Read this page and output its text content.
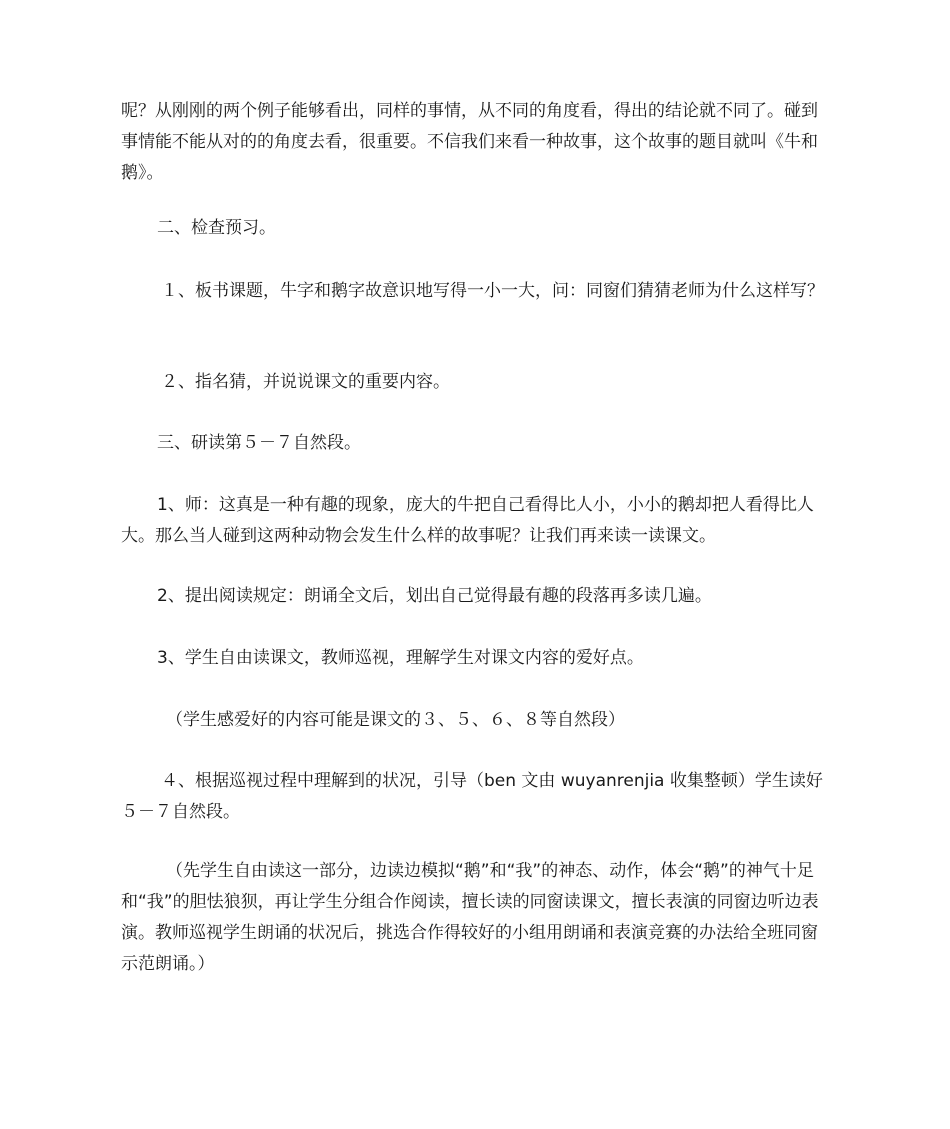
呢？从刚刚的两个例子能够看出，同样的事情，从不同的角度看，得出的结论就不同了。碰到事情能不能从对的的角度去看，很重要。不信我们来看一种故事，这个故事的题目就叫《牛和鹅》。

二、检查预习。

１、板书课题，牛字和鹅字故意识地写得一小一大，问：同窗们猜猜老师为什么这样写？

２、指名猜，并说说课文的重要内容。

三、研读第５－７自然段。

1、师：这真是一种有趣的现象，庞大的牛把自己看得比人小，小小的鹅却把人看得比人大。那么当人碰到这两种动物会发生什么样的故事呢？让我们再来读一读课文。

2、提出阅读规定：朗诵全文后，划出自己觉得最有趣的段落再多读几遍。

3、学生自由读课文，教师巡视，理解学生对课文内容的爱好点。

（学生感爱好的内容可能是课文的３、５、６、８等自然段）

４、根据巡视过程中理解到的状况，引导（ben 文由 wuyanrenjia 收集整顿）学生读好５－７自然段。

（先学生自由读这一部分，边读边模拟“鹅”和“我”的神态、动作，体会“鹅”的神气十足和“我”的胆怯狼狈，再让学生分组合作阅读，擅长读的同窗读课文，擅长表演的同窗边听边表演。教师巡视学生朗诵的状况后，挑选合作得较好的小组用朗诵和表演竞赛的办法给全班同窗示范朗诵。）
